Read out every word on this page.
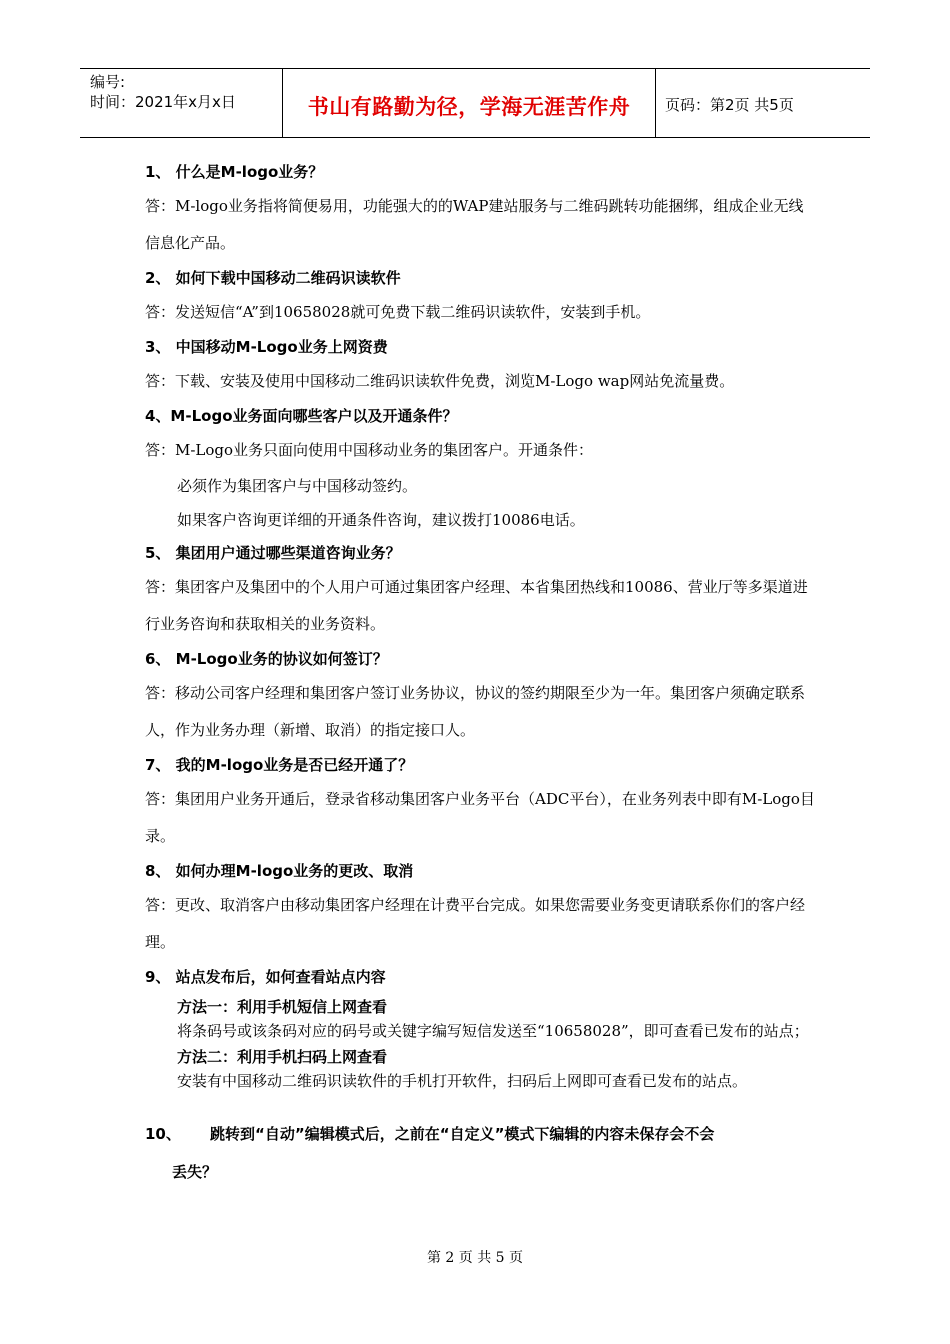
编号:
时间：2021年x月x日	书山有路勤为径，学海无涯苦作舟	页码：第2页 共5页
1、 什么是M-logo业务？
答：M-logo业务指将简便易用，功能强大的的WAP建站服务与二维码跳转功能捆绑，组成企业无线信息化产品。
2、 如何下载中国移动二维码识读软件
答：发送短信“A”到10658028就可免费下载二维码识读软件，安装到手机。
3、 中国移动M-Logo业务上网资费
答：下载、安装及使用中国移动二维码识读软件免费，浏览M-Logo wap网站免流量费。
4、M-Logo业务面向哪些客户以及开通条件？
答：M-Logo业务只面向使用中国移动业务的集团客户。开通条件：
必须作为集团客户与中国移动签约。
如果客户咨询更详细的开通条件咨询，建议拨打10086电话。
5、 集团用户通过哪些渠道咨询业务？
答：集团客户及集团中的个人用户可通过集团客户经理、本省集团热线和10086、营业厅等多渠道进行业务咨询和获取相关的业务资料。
6、 M-Logo业务的协议如何签订？
答：移动公司客户经理和集团客户签订业务协议，协议的签约期限至少为一年。集团客户须确定联系人，作为业务办理（新增、取消）的指定接口人。
7、 我的M-logo业务是否已经开通了？
答：集团用户业务开通后，登录省移动集团客户业务平台（ADC平台），在业务列表中即有M-Logo目录。
8、 如何办理M-logo业务的更改、取消
答：更改、取消客户由移动集团客户经理在计费平台完成。如果您需要业务变更请联系你们的客户经理。
9、 站点发布后，如何查看站点内容
方法一：利用手机短信上网查看
将条码号或该条码对应的码号或关键字编写短信发送至“10658028”，即可查看已发布的站点；
方法二：利用手机扫码上网查看
安装有中国移动二维码识读软件的手机打开软件，扫码后上网即可查看已发布的站点。
10、 跳转到“自动”编辑模式后，之前在“自定义”模式下编辑的内容未保存会不会
丢失？
第 2 页 共 5 页
